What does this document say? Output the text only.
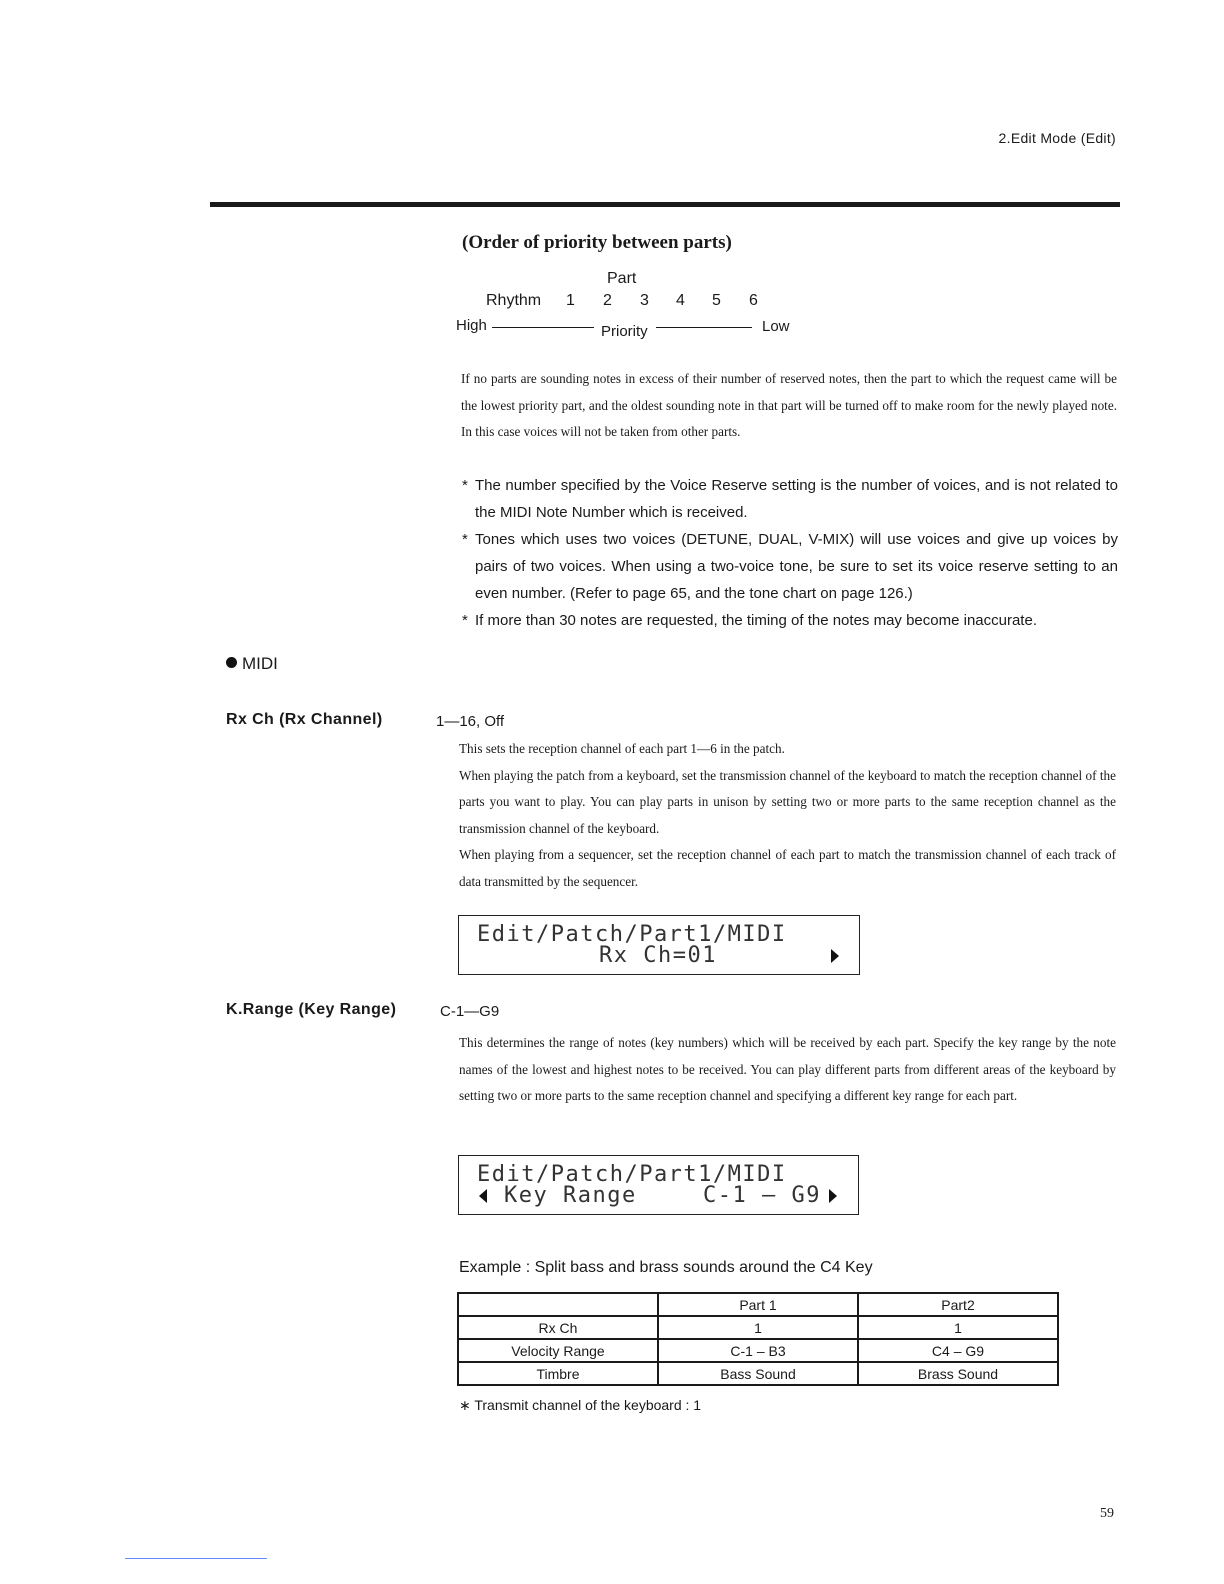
2.Edit Mode (Edit)
(Order of priority between parts)
Part
Rhythm 1 2 3 4 5 6
High	Priority	Low
If no parts are sounding notes in excess of their number of reserved notes, then the part to which the request came will be the lowest priority part, and the oldest sounding note in that part will be turned off to make room for the newly played note. In this case voices will not be taken from other parts.

* The number specified by the Voice Reserve setting is the number of voices, and is not related to the MIDI Note Number which is received.

* Tones which uses two voices (DETUNE, DUAL, V-MIX) will use voices and give up voices by pairs of two voices. When using a two-voice tone, be sure to set its voice reserve setting to an even number. (Refer to page 65, and the tone chart on page 126.)

* If more than 30 notes are requested, the timing of the notes may become inaccurate.

MIDI
Rx Ch (Rx Channel)	1—16, Off
This sets the reception channel of each part 1—6 in the patch.
When playing the patch from a keyboard, set the transmission channel of the keyboard to match the reception channel of the parts you want to play. You can play parts in unison by setting two or more parts to the same reception channel as the transmission channel of the keyboard.
When playing from a sequencer, set the reception channel of each part to match the transmission channel of each track of data transmitted by the sequencer.
Edit/Patch/Part1/MIDI
Rx Ch=01
K.Range (Key Range)	C-1—G9
This determines the range of notes (key numbers) which will be received by each part. Specify the key range by the note names of the lowest and highest notes to be received. You can play different parts from different areas of the keyboard by setting two or more parts to the same reception channel and specifying a different key range for each part.
Edit/Patch/Part1/MIDI
Key Range	C-1 – G9
Example : Split bass and brass sounds around the C4 Key
	Part 1	Part2
Rx Ch	1	1
Velocity Range	C-1 – B3	C4 – G9
Timbre	Bass Sound	Brass Sound
∗ Transmit channel of the keyboard : 1
59
